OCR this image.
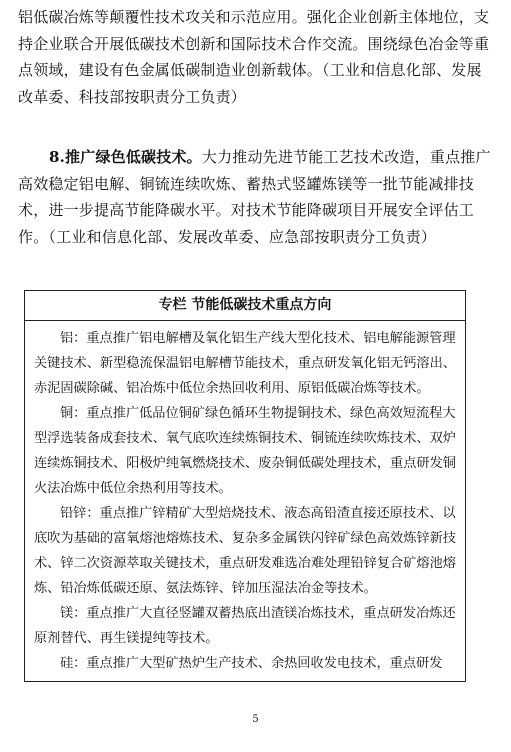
铝低碳冶炼等颠覆性技术攻关和示范应用。强化企业创新主体地位，支持企业联合开展低碳技术创新和国际技术合作交流。围绕绿色冶金等重点领域，建设有色金属低碳制造业创新载体。（工业和信息化部、发展改革委、科技部按职责分工负责）
8.推广绿色低碳技术。大力推动先进节能工艺技术改造，重点推广高效稳定铝电解、铜锍连续吹炼、蓄热式竖罐炼镁等一批节能减排技术，进一步提高节能降碳水平。对技术节能降碳项目开展安全评估工作。（工业和信息化部、发展改革委、应急部按职责分工负责）
专栏 节能低碳技术重点方向

铝：重点推广铝电解槽及氧化铝生产线大型化技术、铝电解能源管理关键技术、新型稳流保温铝电解槽节能技术，重点研发氧化铝无钙溶出、赤泥固碳除碱、铝冶炼中低位余热回收利用、原铝低碳冶炼等技术。

铜：重点推广低品位铜矿绿色循环生物提铜技术、绿色高效短流程大型浮选装备成套技术、氧气底吹连续炼铜技术、铜锍连续吹炼技术、双炉连续炼铜技术、阳极炉纯氧燃烧技术、废杂铜低碳处理技术，重点研发铜火法冶炼中低位余热利用等技术。

铅锌：重点推广锌精矿大型焙烧技术、液态高铅渣直接还原技术、以底吹为基础的富氧熔池熔炼技术、复杂多金属铁闪锌矿绿色高效炼锌新技术、锌二次资源萃取关键技术，重点研发难选冶难处理铅锌复合矿熔池熔炼、铅冶炼低碳还原、氨法炼锌、锌加压湿法冶金等技术。

镁：重点推广大直径竖罐双蓄热底出渣镁冶炼技术，重点研发冶炼还原剂替代、再生镁提纯等技术。

硅：重点推广大型矿热炉生产技术、余热回收发电技术，重点研发

5
